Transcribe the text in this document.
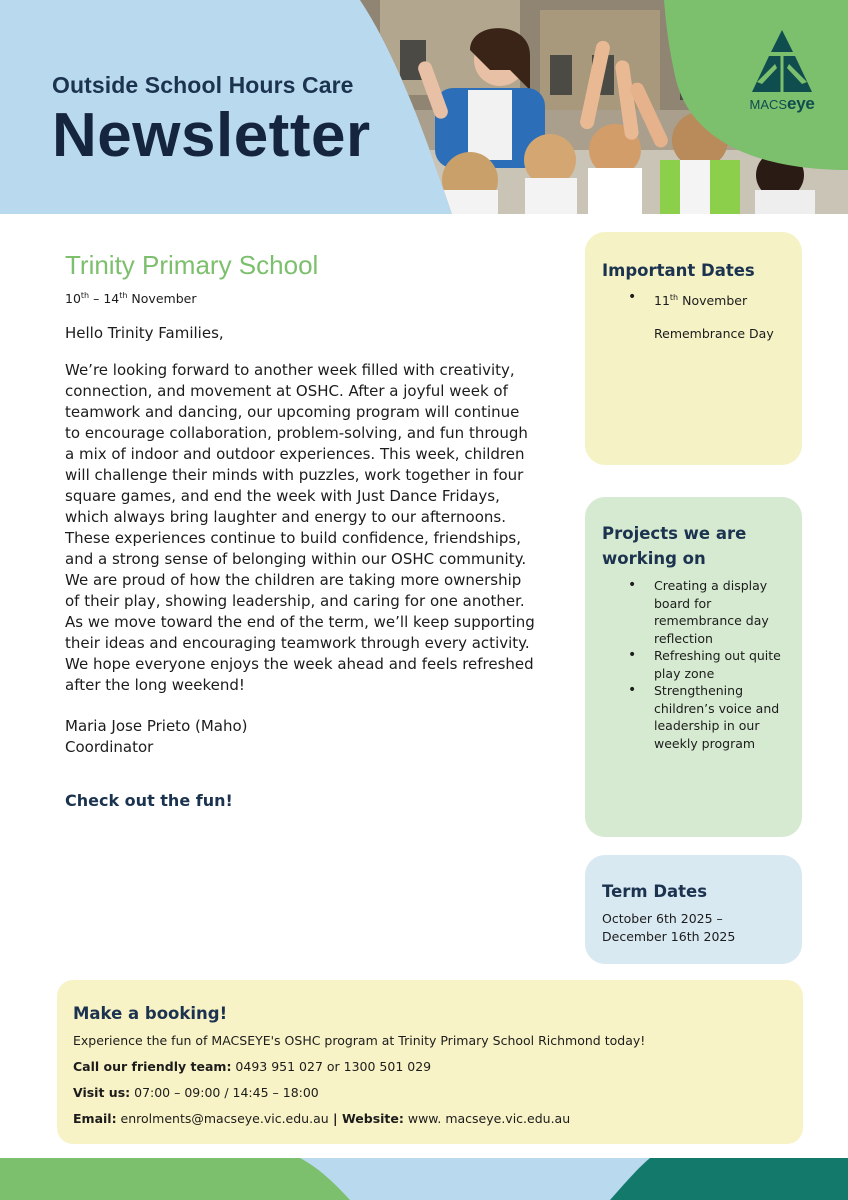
Outside School Hours Care
Newsletter	MACSeye
Trinity Primary School
10th – 14th November
Hello Trinity Families,

We’re looking forward to another week filled with creativity, connection, and movement at OSHC. After a joyful week of teamwork and dancing, our upcoming program will continue to encourage collaboration, problem-solving, and fun through a mix of indoor and outdoor experiences. This week, children will challenge their minds with puzzles, work together in four square games, and end the week with Just Dance Fridays, which always bring laughter and energy to our afternoons. These experiences continue to build confidence, friendships, and a strong sense of belonging within our OSHC community.

We are proud of how the children are taking more ownership of their play, showing leadership, and caring for one another. As we move toward the end of the term, we’ll keep supporting their ideas and encouraging teamwork through every activity.

We hope everyone enjoys the week ahead and feels refreshed after the long weekend!

Maria Jose Prieto (Maho)
Coordinator
Check out the fun!
Important Dates
• 11th November
Remembrance Day
Projects we are working on
• Creating a display board for remembrance day reflection
• Refreshing out quite play zone
• Strengthening children’s voice and leadership in our weekly program
Term Dates
October 6th 2025 – December 16th 2025
Make a booking!
Experience the fun of MACSEYE's OSHC program at Trinity Primary School Richmond today!
Call our friendly team: 0493 951 027 or 1300 501 029
Visit us: 07:00 – 09:00 / 14:45 – 18:00
Email: enrolments@macseye.vic.edu.au | Website: www. macseye.vic.edu.au
